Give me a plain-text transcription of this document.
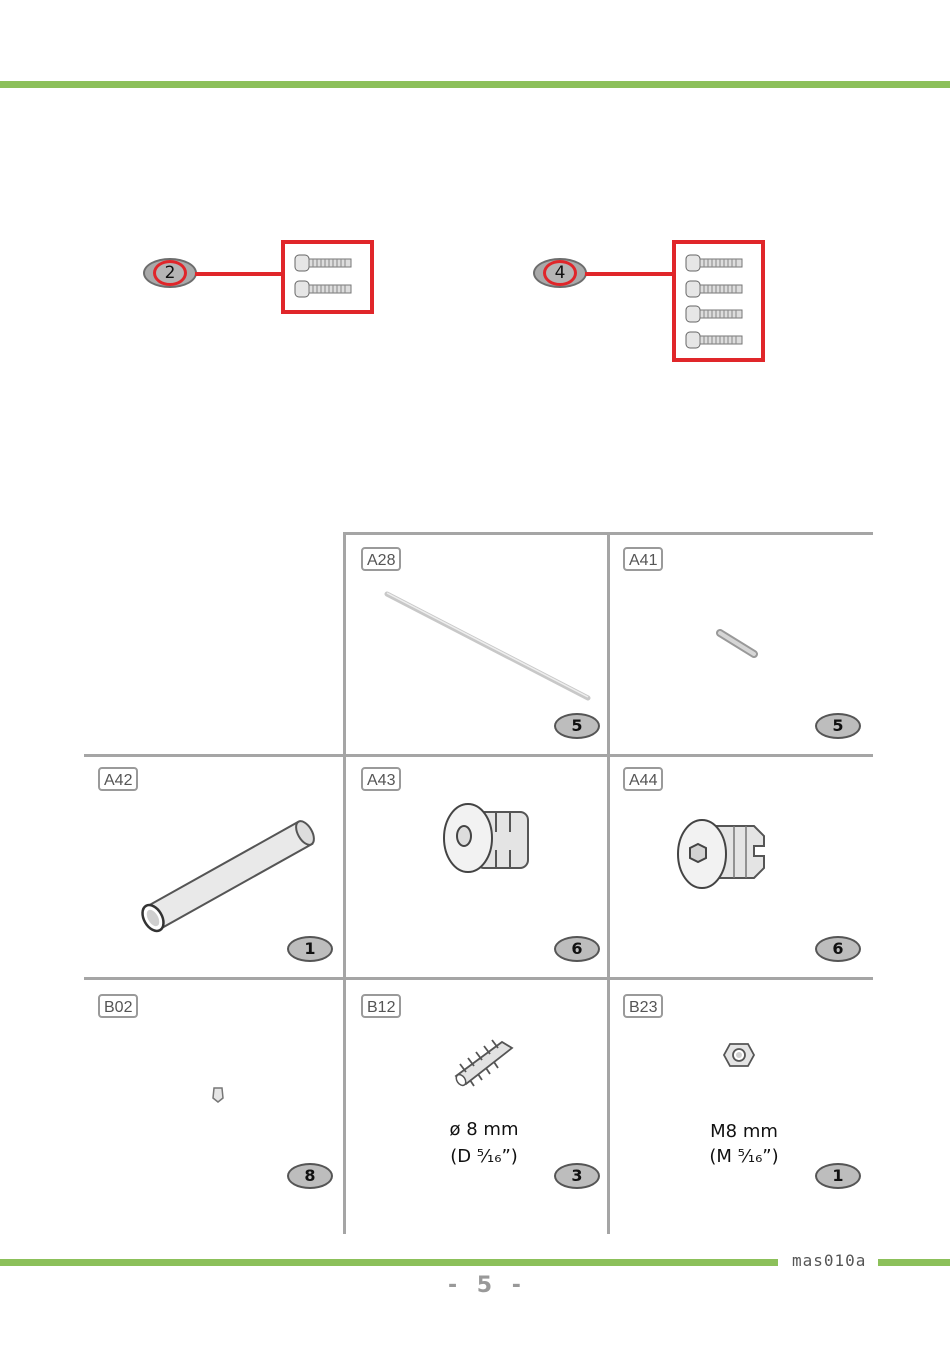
2	4
A28
5
A41
5
A42
1
A43
6
A44
6
B02
8
B12
ø 8 mm
(D ⁵⁄₁₆”)
3
B23
M8 mm
(M ⁵⁄₁₆”)
1
mas010a
- 5 -
